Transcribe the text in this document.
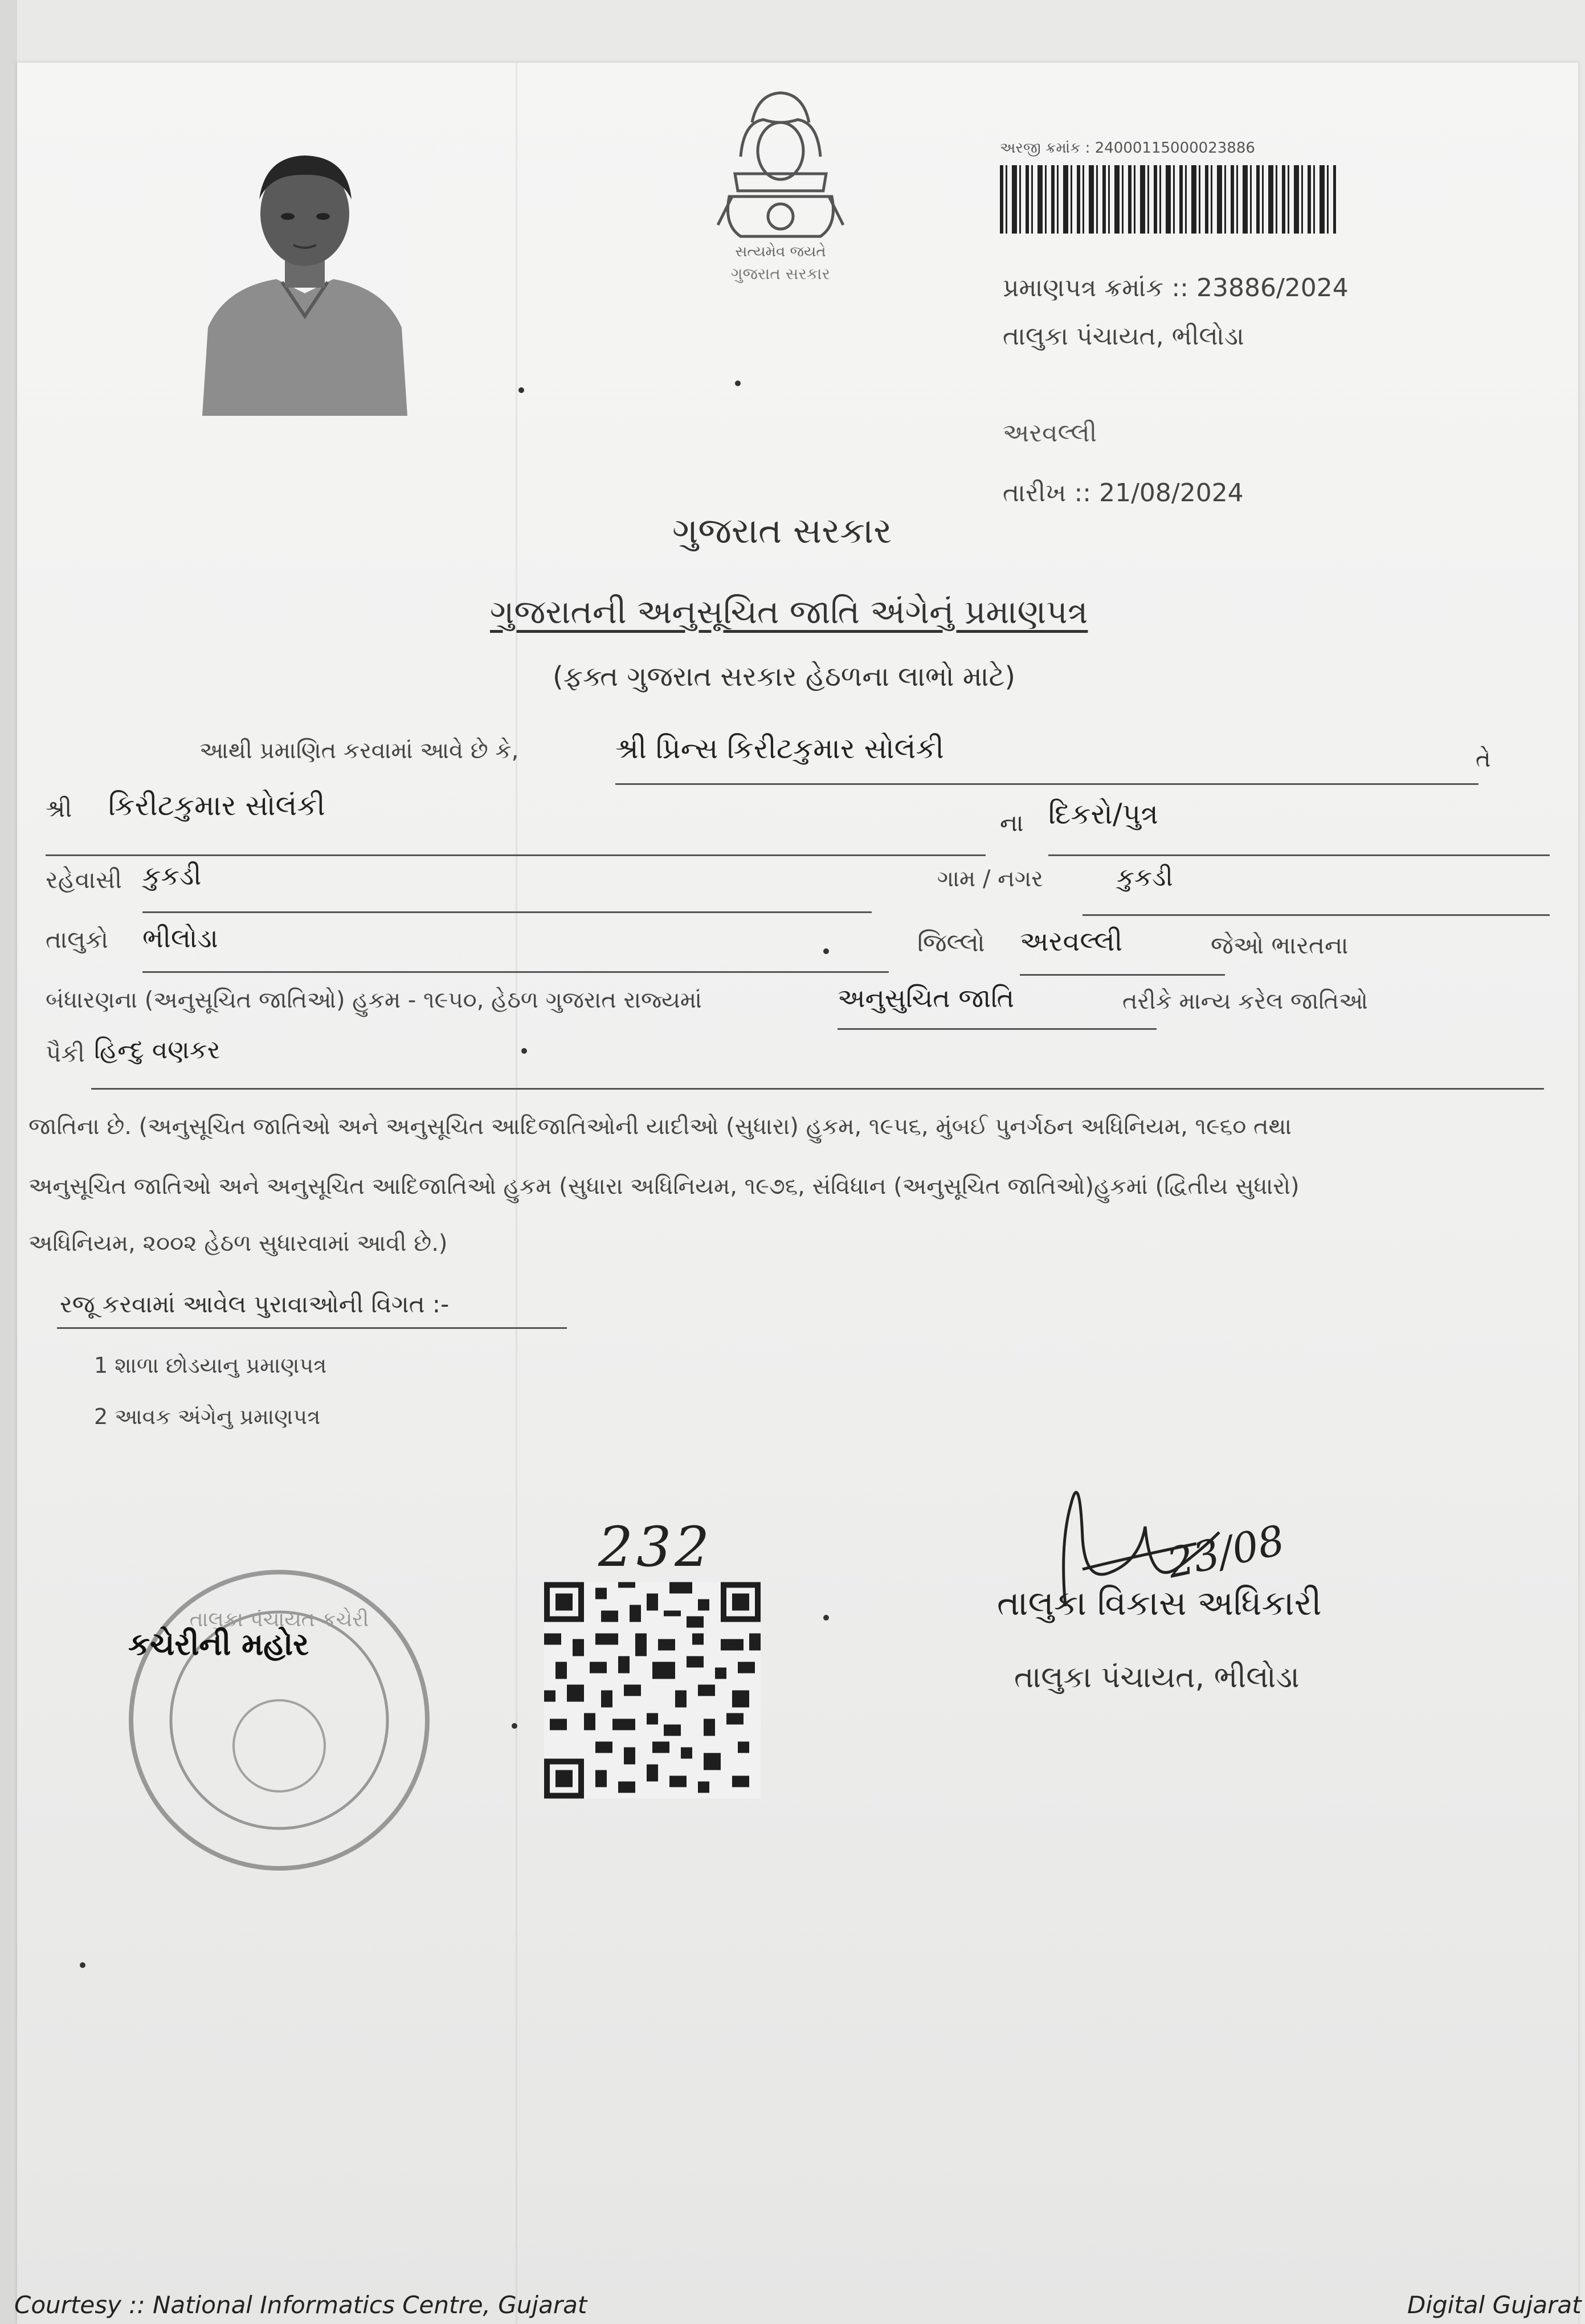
સત્યમેવ જયતે
ગુજરાત સરકાર
અરજી ક્રમાંક : 24000115000023886
પ્રમાણપત્ર ક્રમાંક :: 23886/2024
તાલુકા પંચાયત, ભીલોડા
અરવલ્લી
તારીખ :: 21/08/2024
ગુજરાત સરકાર
ગુજરાતની અનુસૂચિત જાતિ અંગેનું પ્રમાણપત્ર
(ફક્ત ગુજરાત સરકાર હેઠળના લાભો માટે)
આથી પ્રમાણિત કરવામાં આવે છે કે,	શ્રી પ્રિન્સ કિરીટકુમાર સોલંકી	તે
શ્રી કિરીટકુમાર સોલંકી
ના દિકરો/પુત્ર
રહેવાસી કુકડી	ગામ / નગર	કુકડી
તાલુકો ભીલોડા	જિલ્લો અરવલ્લી	જેઓ ભારતના
બંધારણના (અનુસૂચિત જાતિઓ) હુકમ - ૧૯૫૦, હેઠળ ગુજરાત રાજ્યમાં	અનુસુચિત જાતિ	તરીકે માન્ય કરેલ જાતિઓ
પૈકી હિન્દુ વણકર
જાતિના છે. (અનુસૂચિત જાતિઓ અને અનુસૂચિત આદિજાતિઓની યાદીઓ (સુધારા) હુકમ, ૧૯૫૬, મુંબઈ પુનર્ગઠન અધિનિયમ, ૧૯૬૦ તથા
અનુસૂચિત જાતિઓ અને અનુસૂચિત આદિજાતિઓ હુકમ (સુધારા અધિનિયમ, ૧૯૭૬, સંવિધાન (અનુસૂચિત જાતિઓ)હુકમાં (દ્વિતીય સુધારો)
અધિનિયમ, ૨૦૦૨ હેઠળ સુધારવામાં આવી છે.)
રજૂ કરવામાં આવેલ પુરાવાઓની વિગત :-
1 શાળા છોડયાનુ પ્રમાણપત્ર
2 આવક અંગેનુ પ્રમાણપત્ર
232
તાલુકા પંચાયત કચેરી
કચેરીની મહોર
23/08
તાલુકા વિકાસ અધિકારી
તાલુકા પંચાયત, ભીલોડા
Courtesy :: National Informatics Centre, Gujarat	Digital Gujarat
